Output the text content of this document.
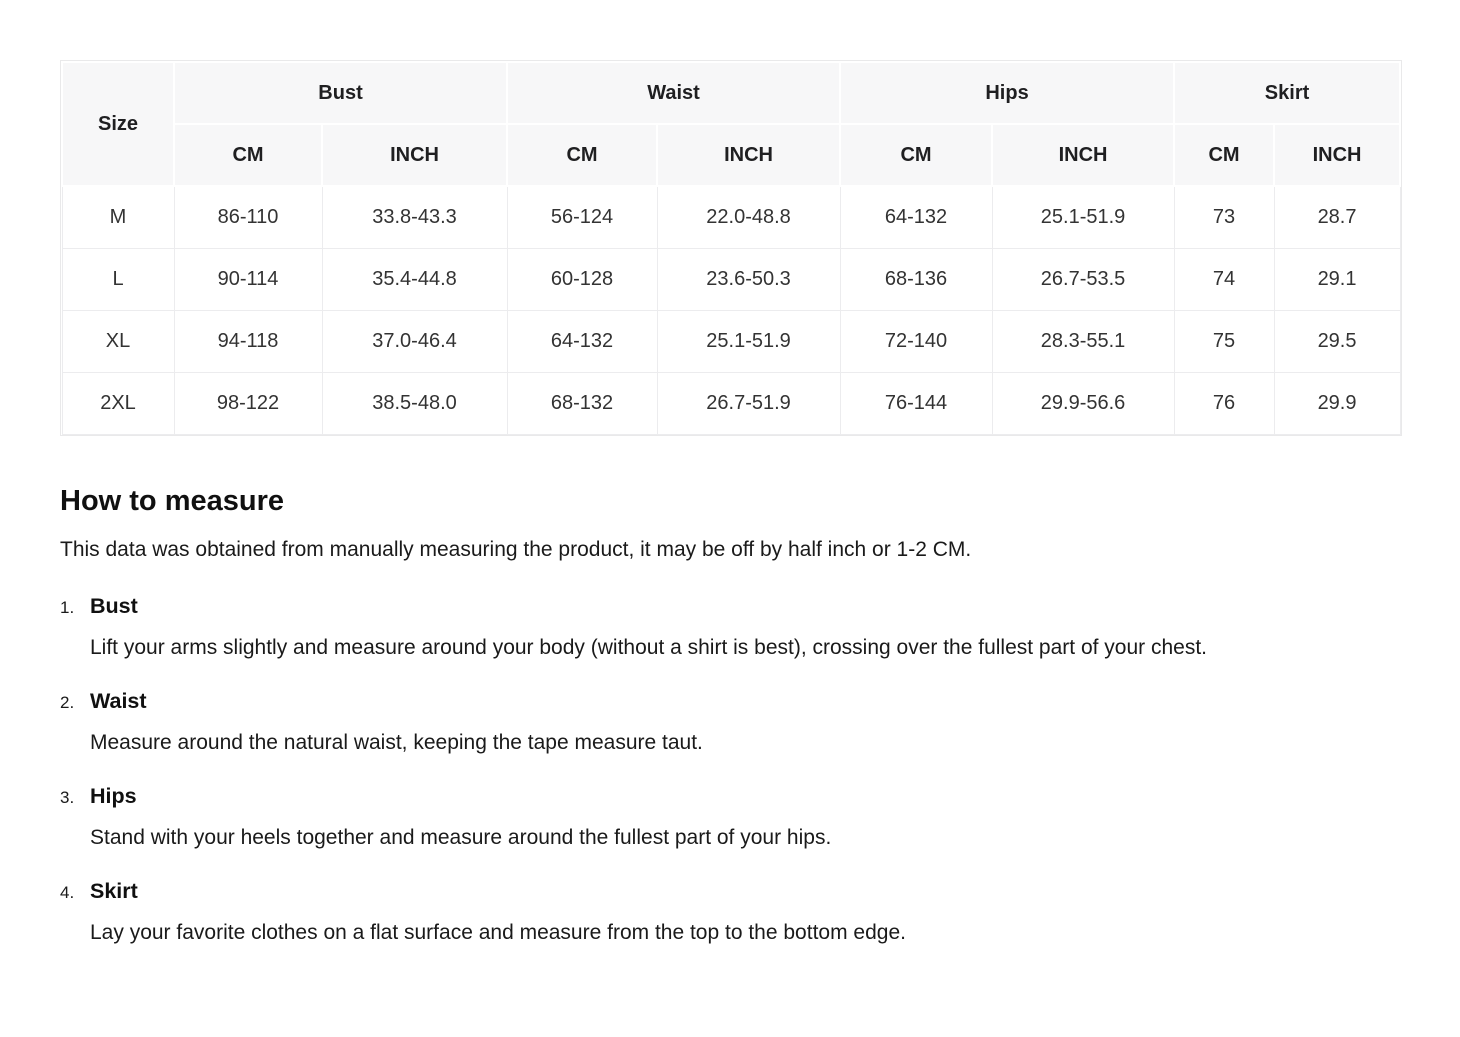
Size	Bust		Waist		Hips		Skirt	
	CM	INCH	CM	INCH	CM	INCH	CM	INCH
M	86-110	33.8-43.3	56-124	22.0-48.8	64-132	25.1-51.9	73	28.7
L	90-114	35.4-44.8	60-128	23.6-50.3	68-136	26.7-53.5	74	29.1
XL	94-118	37.0-46.4	64-132	25.1-51.9	72-140	28.3-55.1	75	29.5
2XL	98-122	38.5-48.0	68-132	26.7-51.9	76-144	29.9-56.6	76	29.9
How to measure

This data was obtained from manually measuring the product, it may be off by half inch or 1-2 CM.

1. Bust

Lift your arms slightly and measure around your body (without a shirt is best), crossing over the fullest part of your chest.

2. Waist

Measure around the natural waist, keeping the tape measure taut.

3. Hips

Stand with your heels together and measure around the fullest part of your hips.

4. Skirt

Lay your favorite clothes on a flat surface and measure from the top to the bottom edge.
